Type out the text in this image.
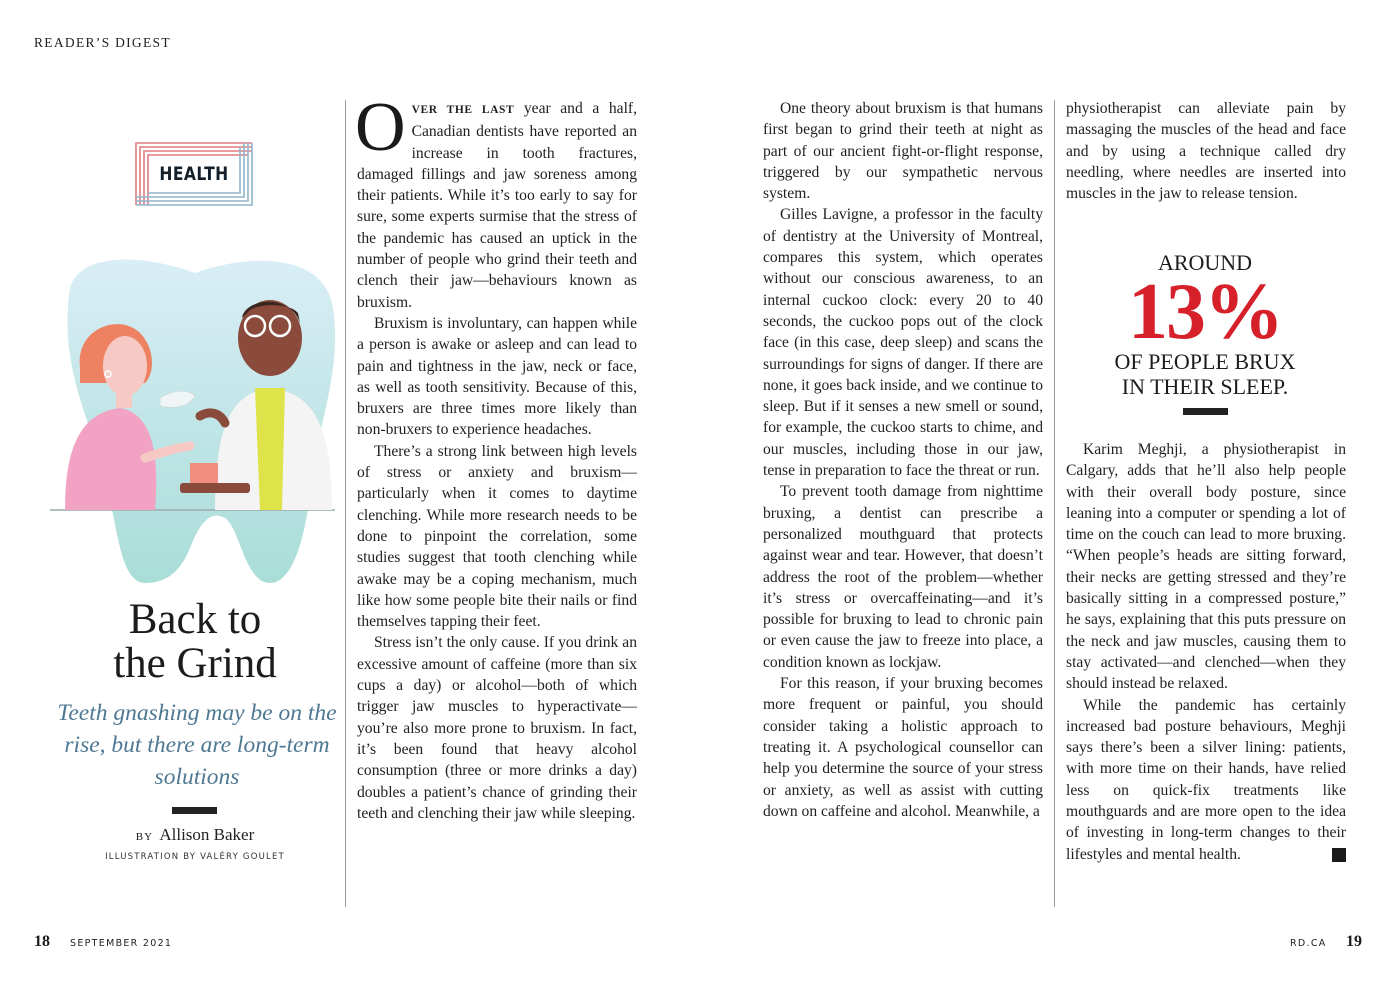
READER’S DIGEST
HEALTH
Back to
the Grind
Teeth gnashing may be on the rise, but there are long-term solutions
BY Allison Baker
ILLUSTRATION BY VALÉRY GOULET

OVER THE LAST year and a half, Canadian dentists have reported an increase in tooth fractures, damaged fillings and jaw soreness among their patients. While it’s too early to say for sure, some experts surmise that the stress of the pandemic has caused an uptick in the number of people who grind their teeth and clench their jaw—behaviours known as bruxism.

Bruxism is involuntary, can happen while a person is awake or asleep and can lead to pain and tightness in the jaw, neck or face, as well as tooth sensitivity. Because of this, bruxers are three times more likely than non-bruxers to experience headaches.

There’s a strong link between high levels of stress or anxiety and bruxism—particularly when it comes to daytime clenching. While more research needs to be done to pinpoint the correlation, some studies suggest that tooth clenching while awake may be a coping mechanism, much like how some people bite their nails or find themselves tapping their feet.

Stress isn’t the only cause. If you drink an excessive amount of caffeine (more than six cups a day) or alcohol—both of which trigger jaw muscles to hyperactivate—you’re also more prone to bruxism. In fact, it’s been found that heavy alcohol consumption (three or more drinks a day) doubles a patient’s chance of grinding their teeth and clenching their jaw while sleeping.

One theory about bruxism is that humans first began to grind their teeth at night as part of our ancient fight-or-flight response, triggered by our sympathetic nervous system.

Gilles Lavigne, a professor in the faculty of dentistry at the University of Montreal, compares this system, which operates without our conscious awareness, to an internal cuckoo clock: every 20 to 40 seconds, the cuckoo pops out of the clock face (in this case, deep sleep) and scans the surroundings for signs of danger. If there are none, it goes back inside, and we continue to sleep. But if it senses a new smell or sound, for example, the cuckoo starts to chime, and our muscles, including those in our jaw, tense in preparation to face the threat or run.

To prevent tooth damage from nighttime bruxing, a dentist can prescribe a personalized mouthguard that protects against wear and tear. However, that doesn’t address the root of the problem—whether it’s stress or overcaffeinating—and it’s possible for bruxing to lead to chronic pain or even cause the jaw to freeze into place, a condition known as lockjaw.

For this reason, if your bruxing becomes more frequent or painful, you should consider taking a holistic approach to treating it. A psychological counsellor can help you determine the source of your stress or anxiety, as well as assist with cutting down on caffeine and alcohol. Meanwhile, a

physiotherapist can alleviate pain by massaging the muscles of the head and face and by using a technique called dry needling, where needles are inserted into muscles in the jaw to release tension.

AROUND
13%
OF PEOPLE BRUX
IN THEIR SLEEP.

Karim Meghji, a physiotherapist in Calgary, adds that he’ll also help people with their overall body posture, since leaning into a computer or spending a lot of time on the couch can lead to more bruxing. “When people’s heads are sitting forward, their necks are getting stressed and they’re basically sitting in a compressed posture,” he says, explaining that this puts pressure on the neck and jaw muscles, causing them to stay activated—and clenched—when they should instead be relaxed.

While the pandemic has certainly increased bad posture behaviours, Meghji says there’s been a silver lining: patients, with more time on their hands, have relied less on quick-fix treatments like mouthguards and are more open to the idea of investing in long-term changes to their lifestyles and mental health.	R

18 SEPTEMBER 2021	RD.CA 19
